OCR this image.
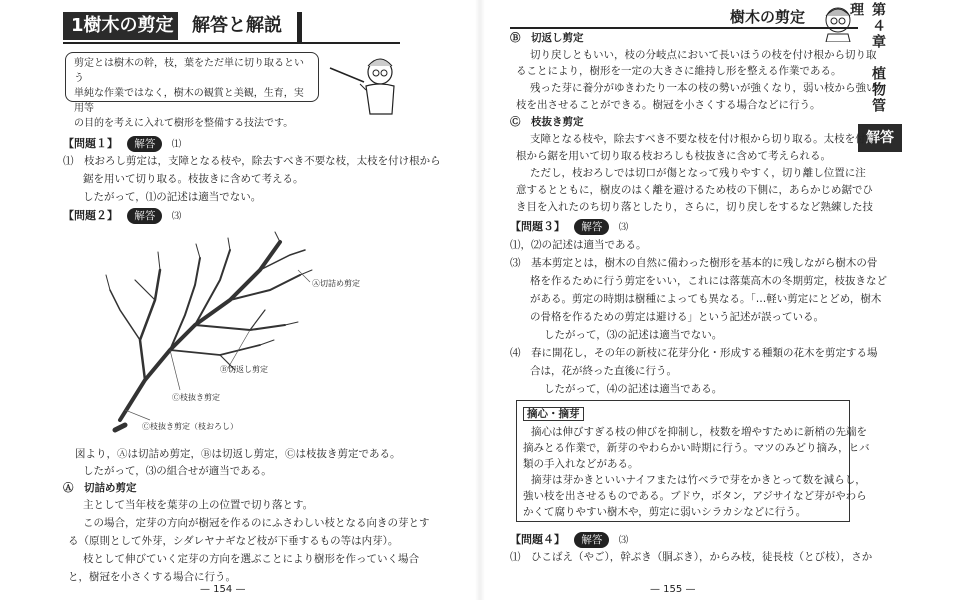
1樹木の剪定 解答と解説
剪定とは樹木の幹，枝，葉をただ単に切り取るという
単純な作業ではなく，樹木の観賞と美観，生育，実用等
の目的を考えに入れて樹形を整備する技法です。
【問題１】 解答 ⑴
⑴　枝おろし剪定は，支障となる枝や，除去すべき不要な枝，太枝を付け根から
鋸を用いて切り取る。枝抜きに含めて考える。
したがって，⑴の記述は適当でない。
【問題２】 解答 ⑶
Ⓐ切詰め剪定
Ⓑ切返し剪定
Ⓒ枝抜き剪定
Ⓒ枝抜き剪定（枝おろし）
図より，Ⓐは切詰め剪定，Ⓑは切返し剪定，Ⓒは枝抜き剪定である。
したがって，⑶の組合せが適当である。
Ⓐ　切詰め剪定
主として当年枝を葉芽の上の位置で切り落とす。
この場合，定芽の方向が樹冠を作るのにふさわしい枝となる向きの芽とす
る（原則として外芽，シダレヤナギなど枝が下垂するもの等は内芽）。
枝として伸びていく定芽の方向を選ぶことにより樹形を作っていく場合
と，樹冠を小さくする場合に行う。
— 154 —
樹木の剪定	第４章　植物管理
解答
Ⓑ　切返し剪定
切り戻しともいい，枝の分岐点において長いほうの枝を付け根から切り取
ることにより，樹形を一定の大きさに維持し形を整える作業である。
残った芽に養分がゆきわたり一本の枝の勢いが強くなり，弱い枝から強い
枝を出させることができる。樹冠を小さくする場合などに行う。
Ⓒ　枝抜き剪定
支障となる枝や，除去すべき不要な枝を付け根から切り取る。太枝を付け
根から鋸を用いて切り取る枝おろしも枝抜きに含めて考えられる。
ただし，枝おろしでは切口が傷となって残りやすく，切り離し位置に注
意するとともに，樹皮のはく離を避けるため枝の下側に，あらかじめ鋸でひ
き目を入れたのち切り落としたり，さらに，切り戻しをするなど熟練した技
【問題３】 解答 ⑶
⑴，⑵の記述は適当である。
⑶　基本剪定とは，樹木の自然に備わった樹形を基本的に残しながら樹木の骨
格を作るために行う剪定をいい，これには落葉高木の冬期剪定，枝抜きなど
がある。剪定の時期は樹種によっても異なる。「…軽い剪定にとどめ，樹木
の骨格を作るための剪定は避ける」という記述が誤っている。
したがって，⑶の記述は適当でない。
⑷　春に開花し，その年の新枝に花芽分化・形成する種類の花木を剪定する場
摘心・摘芽
摘心は伸びすぎる枝の伸びを抑制し，枝数を増やすために新梢の先端を
摘みとる作業で，新芽のやわらかい時期に行う。マツのみどり摘み，ヒバ
類の手入れなどがある。
摘芽は芽かきといいナイフまたは竹ベラで芽をかきとって数を減らし，
強い枝を出させるものである。ブドウ，ボタン，アジサイなど芽がやわら
かくて腐りやすい樹木や，剪定に弱いシラカシなどに行う。
合は，花が終った直後に行う。
【問題４】 解答 ⑶
⑴　ひこばえ（やご），幹ぶき（胴ぶき），からみ枝，徒長枝（とび枝），さか
— 155 —
したがって，⑷の記述は適当である。
